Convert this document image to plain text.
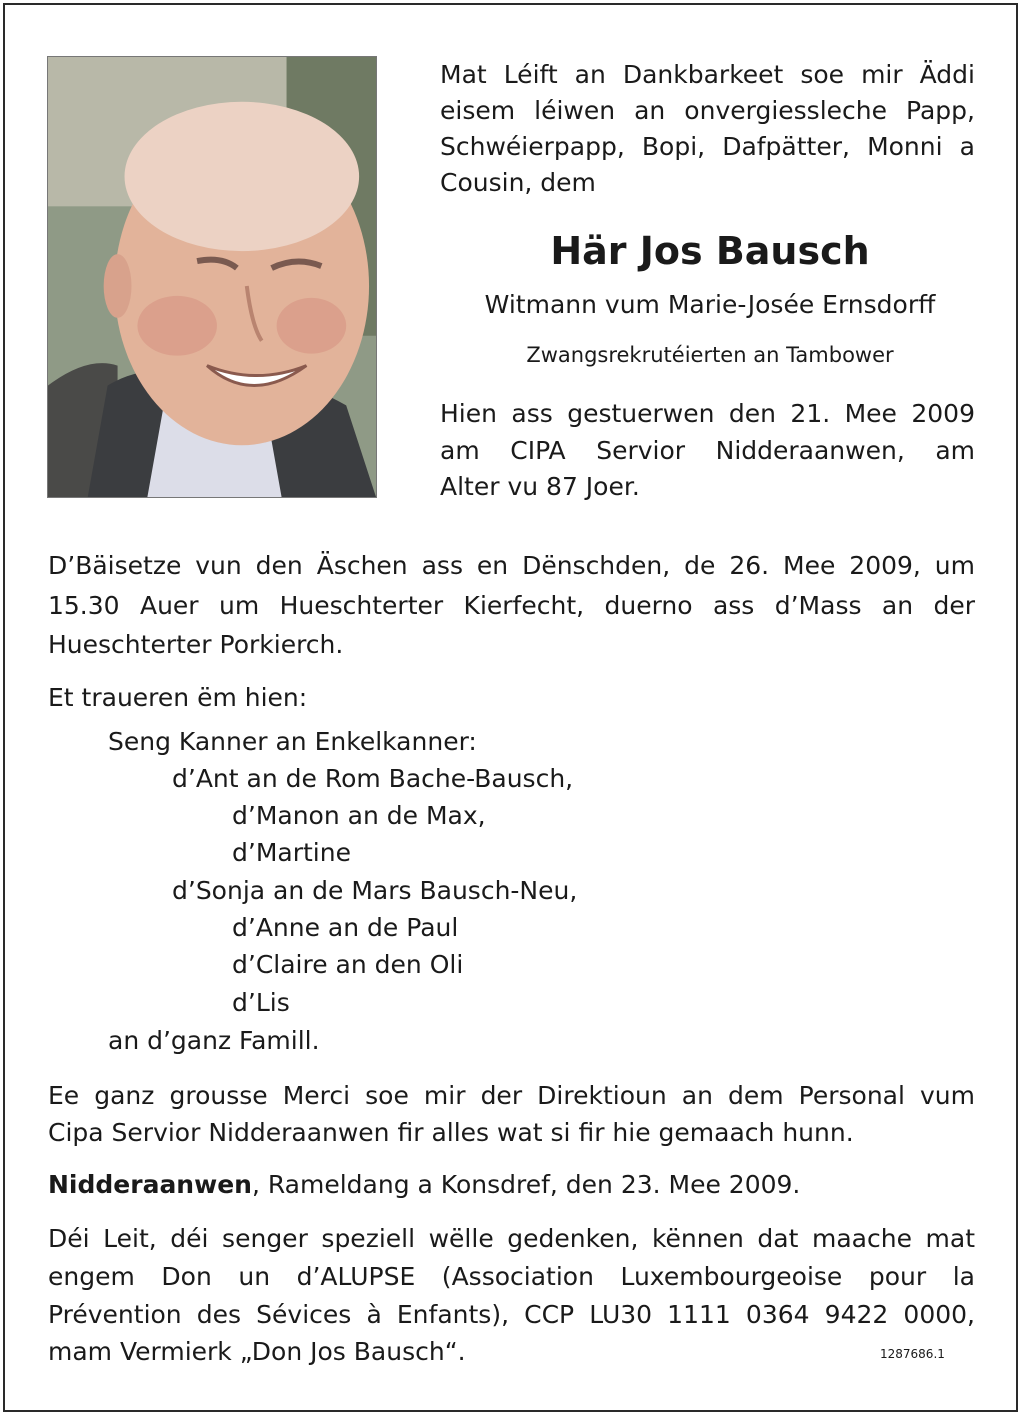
Mat Léift an Dankbarkeet soe mir Äddi
eisem léiwen an onvergiessleche Papp,
Schwéierpapp, Bopi, Dafpätter, Monni a
Cousin, dem
Här Jos Bausch
Witmann vum Marie-Josée Ernsdorff
Zwangsrekrutéierten an Tambower
Hien ass gestuerwen den 21. Mee 2009
am CIPA Servior Nidderaanwen, am
Alter vu 87 Joer.
D’Bäisetze vun den Äschen ass en Dënschden, de 26. Mee 2009, um
15.30 Auer um Hueschterter Kierfecht, duerno ass d’Mass an der
Hueschterter Porkierch.
Et traueren ëm hien:
Seng Kanner an Enkelkanner:
d’Ant an de Rom Bache-Bausch,
d’Manon an de Max,
d’Martine
d’Sonja an de Mars Bausch-Neu,
d’Anne an de Paul
d’Claire an den Oli
d’Lis
an d’ganz Famill.
Ee ganz grousse Merci soe mir der Direktioun an dem Personal vum
Cipa Servior Nidderaanwen fir alles wat si fir hie gemaach hunn.
Nidderaanwen, Rameldang a Konsdref, den 23. Mee 2009.
Déi Leit, déi senger speziell wëlle gedenken, kënnen dat maache mat
engem Don un d’ALUPSE (Association Luxembourgeoise pour la
Prévention des Sévices à Enfants), CCP LU30 1111 0364 9422 0000,
mam Vermierk „Don Jos Bausch“.	1287686.1
